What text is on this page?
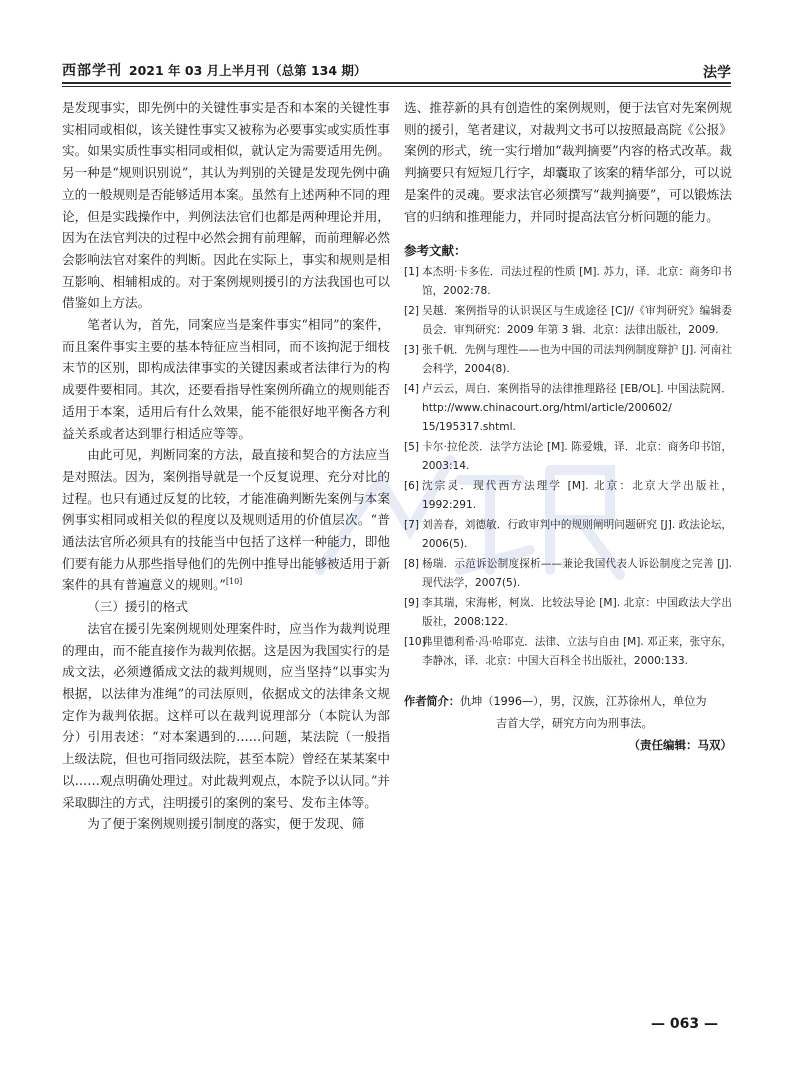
西部学刊 2021 年 03 月上半月刊（总第 134 期）	法学

是发现事实，即先例中的关键性事实是否和本案的关键性事实相同或相似，该关键性事实又被称为必要事实或实质性事实。如果实质性事实相同或相似，就认定为需要适用先例。另一种是“规则识别说”，其认为判别的关键是发现先例中确立的一般规则是否能够适用本案。虽然有上述两种不同的理论，但是实践操作中，判例法法官们也都是两种理论并用，因为在法官判决的过程中必然会拥有前理解，而前理解必然会影响法官对案件的判断。因此在实际上，事实和规则是相互影响、相辅相成的。对于案例规则援引的方法我国也可以借鉴如上方法。

笔者认为，首先，同案应当是案件事实“相同”的案件，而且案件事实主要的基本特征应当相同，而不该拘泥于细枝末节的区别，即构成法律事实的关键因素或者法律行为的构成要件要相同。其次，还要看指导性案例所确立的规则能否适用于本案，适用后有什么效果，能不能很好地平衡各方利益关系或者达到罪行相适应等等。

由此可见，判断同案的方法，最直接和契合的方法应当是对照法。因为，案例指导就是一个反复说理、充分对比的过程。也只有通过反复的比较，才能准确判断先案例与本案例事实相同或相关似的程度以及规则适用的价值层次。“普通法法官所必须具有的技能当中包括了这样一种能力，即他们要有能力从那些指导他们的先例中推导出能够被适用于新案件的具有普遍意义的规则。”[10]

（三）援引的格式

法官在援引先案例规则处理案件时，应当作为裁判说理的理由，而不能直接作为裁判依据。这是因为我国实行的是成文法，必须遵循成文法的裁判规则，应当坚持“以事实为根据，以法律为准绳”的司法原则，依据成文的法律条文规定作为裁判依据。这样可以在裁判说理部分（本院认为部分）引用表述：“对本案遇到的……问题，某法院（一般指上级法院，但也可指同级法院，甚至本院）曾经在某某案中以……观点明确处理过。对此裁判观点，本院予以认同。”并采取脚注的方式，注明援引的案例的案号、发布主体等。

为了便于案例规则援引制度的落实，便于发现、筛

选、推荐新的具有创造性的案例规则，便于法官对先案例规则的援引，笔者建议，对裁判文书可以按照最高院《公报》案例的形式，统一实行增加“裁判摘要”内容的格式改革。裁判摘要只有短短几行字，却囊取了该案的精华部分，可以说是案件的灵魂。要求法官必须撰写“裁判摘要”，可以锻炼法官的归纳和推理能力，并同时提高法官分析问题的能力。

参考文献：
[1] 本杰明·卡多佐．司法过程的性质 [M]. 苏力，译．北京：商务印书馆，2002:78.
[2] 吴越．案例指导的认识误区与生成途径 [C]//《审判研究》编辑委员会．审判研究：2009 年第 3 辑．北京：法律出版社，2009.
[3] 张千帆．先例与理性——也为中国的司法判例制度辩护 [J]. 河南社会科学，2004(8).
[4] 卢云云，周白．案例指导的法律推理路径 [EB/OL]. 中国法院网．http://www.chinacourt.org/html/article/200602/ 15/195317.shtml.
[5] 卡尔·拉伦茨．法学方法论 [M]. 陈爱娥，译．北京：商务印书馆，2003:14.
[6] 沈宗灵．现代西方法理学 [M]. 北京：北京大学出版社，1992:291.
[7] 刘善春，刘德敏．行政审判中的规则阐明问题研究 [J]. 政法论坛，2006(5).
[8] 杨瑞．示范诉讼制度探析——兼论我国代表人诉讼制度之完善 [J]. 现代法学，2007(5).
[9] 李其瑞，宋海彬，柯岚．比较法导论 [M]. 北京：中国政法大学出版社，2008:122.
[10]
弗里德利希·冯·哈耶克．法律、立法与自由 [M]. 邓正来，张守东，李静冰，译．北京：中国大百科全书出版社，2000:133.
作者简介：仇坤（1996—），男，汉族，江苏徐州人，单位为
吉首大学，研究方向为刑事法。
（责任编辑：马双）
— 063 —
